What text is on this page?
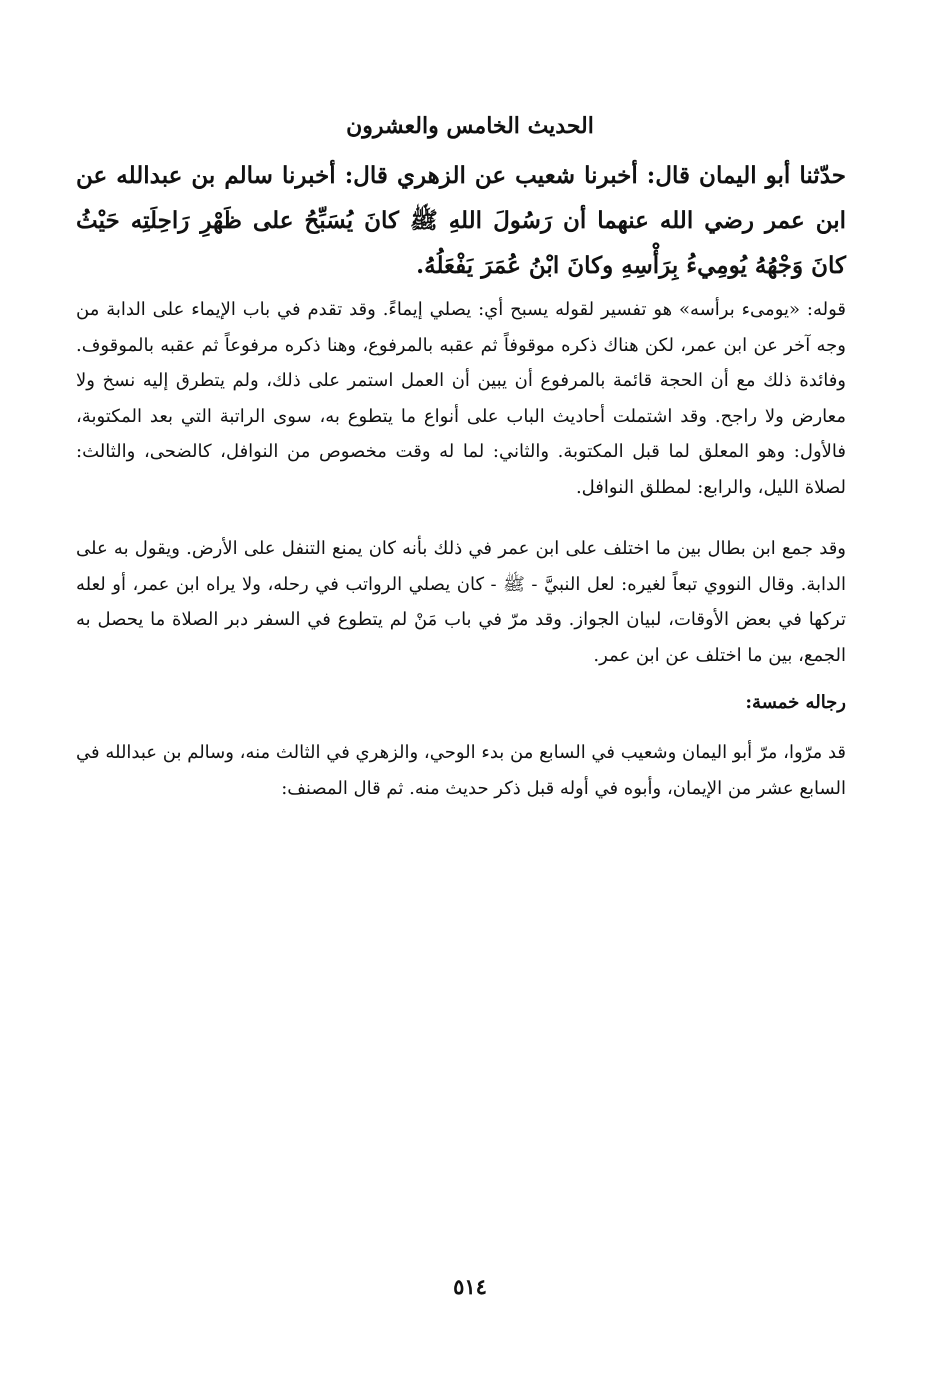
الحديث الخامس والعشرون
حدّثنا أبو اليمان قال: أخبرنا شعيب عن الزهري قال: أخبرنا سالم بن عبدالله عن ابن عمر رضي الله عنهما أن رَسُولَ اللهِ ﷺ كانَ يُسَبِّحُ على ظَهْرِ رَاحِلَتِه حَيْثُ كانَ وَجْهُهُ يُومِيءُ بِرَأْسِهِ وكانَ ابْنُ عُمَرَ يَفْعَلُهُ.
قوله: «يومىء برأسه» هو تفسير لقوله يسبح أي: يصلي إيماءً. وقد تقدم في باب الإيماء على الدابة من وجه آخر عن ابن عمر، لكن هناك ذكره موقوفاً ثم عقبه بالمرفوع، وهنا ذكره مرفوعاً ثم عقبه بالموقوف. وفائدة ذلك مع أن الحجة قائمة بالمرفوع أن يبين أن العمل استمر على ذلك، ولم يتطرق إليه نسخ ولا معارض ولا راجح. وقد اشتملت أحاديث الباب على أنواع ما يتطوع به، سوى الراتبة التي بعد المكتوبة، فالأول: وهو المعلق لما قبل المكتوبة. والثاني: لما له وقت مخصوص من النوافل، كالضحى، والثالث: لصلاة الليل، والرابع: لمطلق النوافل.
وقد جمع ابن بطال بين ما اختلف على ابن عمر في ذلك بأنه كان يمنع التنفل على الأرض. ويقول به على الدابة. وقال النووي تبعاً لغيره: لعل النبيَّ - ﷺ - كان يصلي الرواتب في رحله، ولا يراه ابن عمر، أو لعله تركها في بعض الأوقات، لبيان الجواز. وقد مرّ في باب مَنْ لم يتطوع في السفر دبر الصلاة ما يحصل به الجمع، بين ما اختلف عن ابن عمر.
رجاله خمسة:
قد مرّوا، مرّ أبو اليمان وشعيب في السابع من بدء الوحي، والزهري في الثالث منه، وسالم بن عبدالله في السابع عشر من الإيمان، وأبوه في أوله قبل ذكر حديث منه. ثم قال المصنف:
٥١٤
